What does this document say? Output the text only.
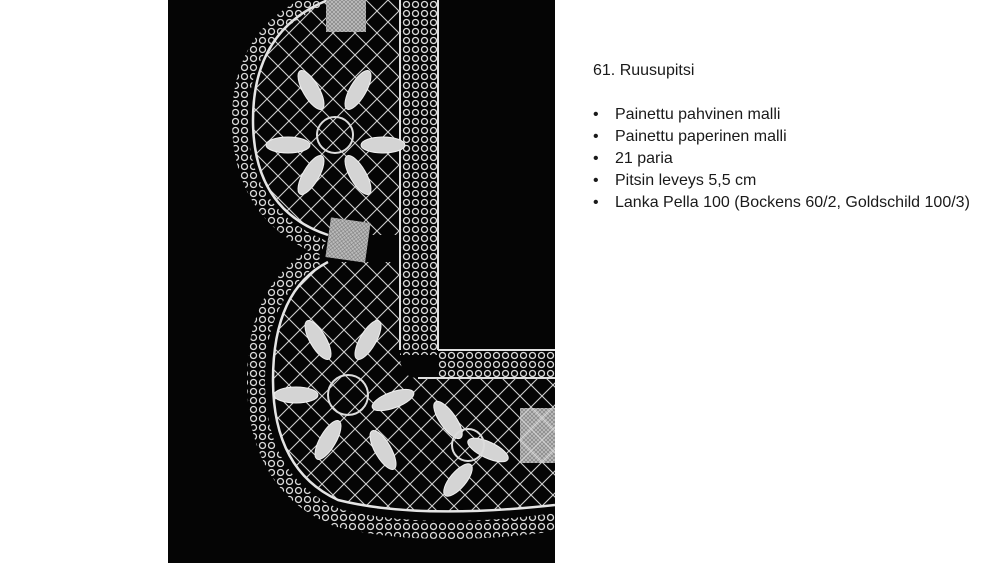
61. Ruusupitsi

•	Painettu pahvinen malli
•	Painettu paperinen malli
•	21 paria
•	Pitsin leveys 5,5 cm
•	Lanka Pella 100 (Bockens 60/2, Goldschild 100/3)
